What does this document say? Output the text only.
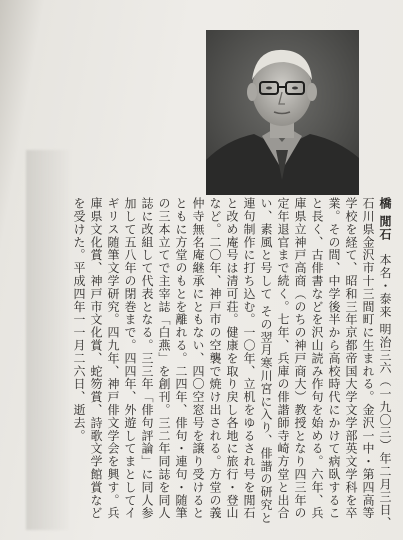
橋 閒石　本名・泰来 明治三六（一九〇三）年二月三日、石川県金沢市十三間町に生まれる。金沢一中・第四高等学校を経て、昭和三年京都帝国大学文学部英文学科を卒業。その間、中学後半から高校時代にかけて病臥すること長く、古俳書などを沢山読み作句を始める。六年、兵庫県立神戸高商（のちの神戸商大）教授となり四三年の定年退官まで続く。七年、兵庫の俳諧師寺崎方堂と出合い、素風と号して その翌月寒川宮に入り、俳諧の研究と連句制作に打ち込む。一〇年、立机をゆるされ号を閒石と改め庵号は清可荘。健康を取り戻し各地に旅行・登山など。二〇年、神戸市の空襲で焼け出される。方堂の義仲寺無名庵継承にともない、四〇空窓号を譲り受けるとともに方堂のもとを離れる。二四年、俳句・連句・随筆の三本立てで主宰誌「白燕」を創刊。三二年同誌を同人誌に改組して代表となる。三三年「俳句評論」に同人参加して五八年の閉巻まで。四四年、外遊してまとしてイギリス随筆文学研究。四九年、神戸俳文学会を興す。兵庫県文化賞、神戸市文化賞、蛇笏賞、詩歌文学館賞などを受けた。平成四年一一月二六日、逝去。
